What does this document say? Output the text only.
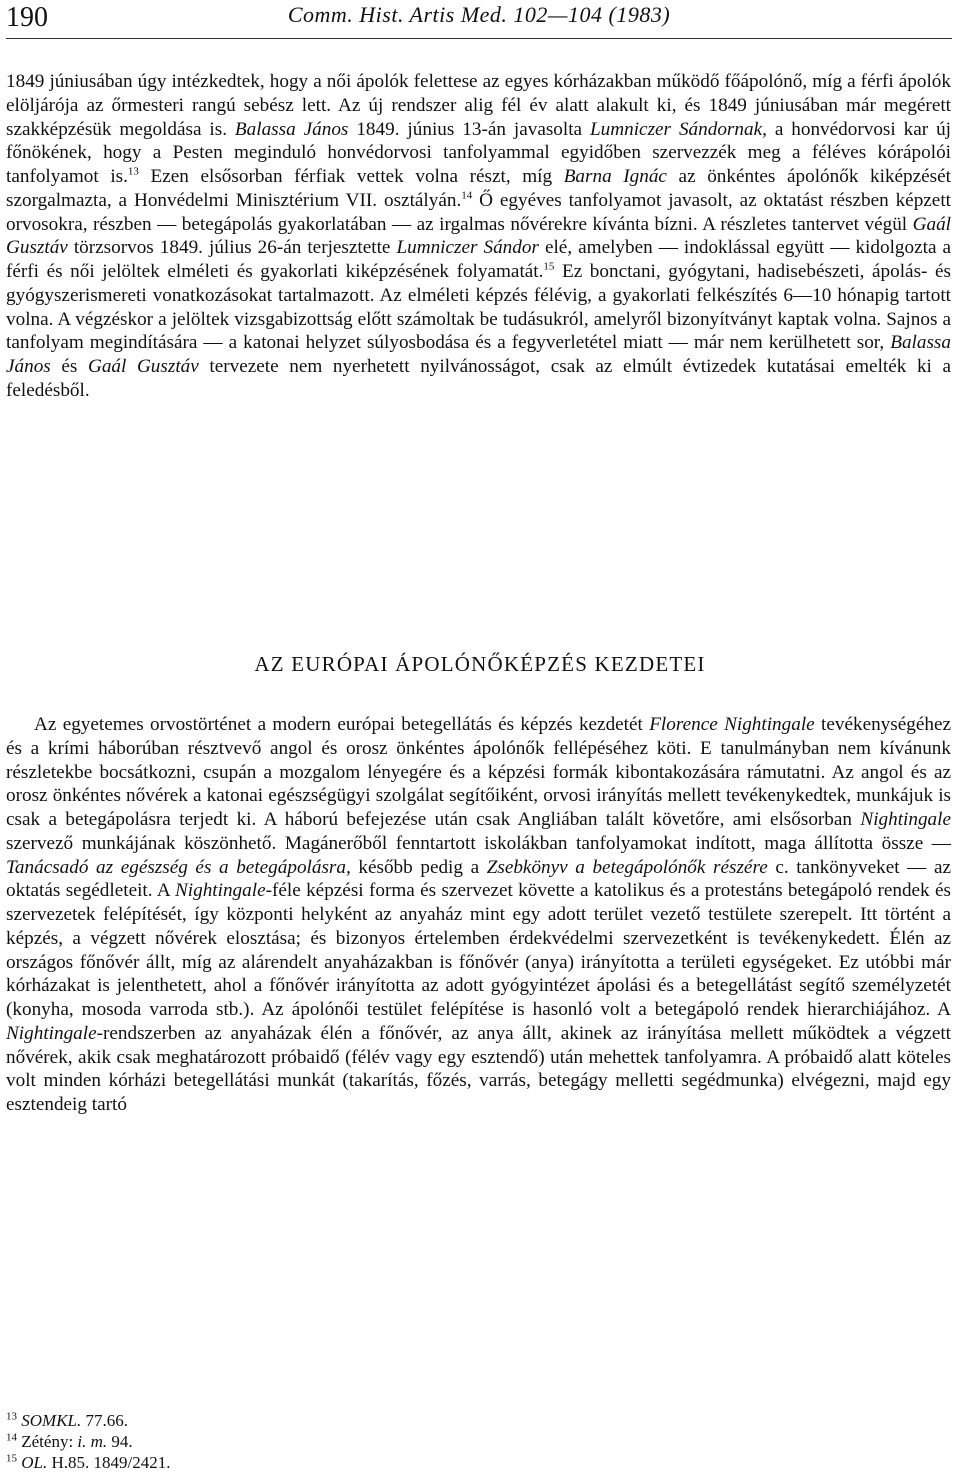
190	Comm. Hist. Artis Med. 102—104 (1983)

1849 júniusában úgy intézkedtek, hogy a női ápolók felettese az egyes kórházakban működő főápolónő, míg a férfi ápolók elöljárója az őrmesteri rangú sebész lett. Az új rendszer alig fél év alatt alakult ki, és 1849 júniusában már megérett szakképzésük megoldása is. Balassa János 1849. június 13-án javasolta Lumniczer Sándornak, a honvédorvosi kar új főnökének, hogy a Pesten meginduló honvédorvosi tanfolyammal egyidőben szervezzék meg a féléves kórápolói tanfolyamot is.$^{13}$ Ezen elsősorban férfiak vettek volna részt, míg Barna Ignác az önkéntes ápolónők kiképzését szorgalmazta, a Honvédelmi Minisztérium VII. osztályán.$^{14}$ Ő egyéves tanfolyamot javasolt, az oktatást részben képzett orvosokra, részben — betegápolás gyakorlatában — az irgalmas nővérekre kívánta bízni. A részletes tantervet végül Gaál Gusztáv törzsorvos 1849. július 26-án terjesztette Lumniczer Sándor elé, amelyben — indoklással együtt — kidolgozta a férfi és női jelöltek elméleti és gyakorlati kiképzésének folyamatát.$^{15}$ Ez bonctani, gyógytani, hadisebészeti, ápolás- és gyógyszerismereti vonatkozásokat tartalmazott. Az elméleti képzés félévig, a gyakorlati felkészítés 6—10 hónapig tartott volna. A végzéskor a jelöltek vizsgabizottság előtt számoltak be tudásukról, amelyről bizonyítványt kaptak volna. Sajnos a tanfolyam megindítására — a katonai helyzet súlyosbodása és a fegyverletétel miatt — már nem kerülhetett sor, Balassa János és Gaál Gusztáv tervezete nem nyerhetett nyilvánosságot, csak az elmúlt évtizedek kutatásai emelték ki a feledésből.

AZ EURÓPAI ÁPOLÓNŐKÉPZÉS KEZDETEI

Az egyetemes orvostörténet a modern európai betegellátás és képzés kezdetét Florence Nightingale tevékenységéhez és a krími háborúban résztvevő angol és orosz önkéntes ápolónők fellépéséhez köti. E tanulmányban nem kívánunk részletekbe bocsátkozni, csupán a mozgalom lényegére és a képzési formák kibontakozására rámutatni. Az angol és az orosz önkéntes nővérek a katonai egészségügyi szolgálat segítőiként, orvosi irányítás mellett tevékenykedtek, munkájuk is csak a betegápolásra terjedt ki. A háború befejezése után csak Angliában talált követőre, ami elsősorban Nightingale szervező munkájának köszönhető. Magánerőből fenntartott iskolákban tanfolyamokat indított, maga állította össze — Tanácsadó az egészség és a betegápolásra, később pedig a Zsebkönyv a betegápolónők részére c. tankönyveket — az oktatás segédleteit. A Nightingale-féle képzési forma és szervezet követte a katolikus és a protestáns betegápoló rendek és szervezetek felépítését, így központi helyként az anyaház mint egy adott terület vezető testülete szerepelt. Itt történt a képzés, a végzett nővérek elosztása; és bizonyos értelemben érdekvédelmi szervezetként is tevékenykedett. Élén az országos főnővér állt, míg az alárendelt anyaházakban is főnővér (anya) irányította a területi egységeket. Ez utóbbi már kórházakat is jelenthetett, ahol a főnővér irányította az adott gyógyintézet ápolási és a betegellátást segítő személyzetét (konyha, mosoda varroda stb.). Az ápolónői testület felépítése is hasonló volt a betegápoló rendek hierarchiájához. A Nightingale-rendszerben az anyaházak élén a főnővér, az anya állt, akinek az irányítása mellett működtek a végzett nővérek, akik csak meghatározott próbaidő (félév vagy egy esztendő) után mehettek tanfolyamra. A próbaidő alatt köteles volt minden kórházi betegellátási munkát (takarítás, főzés, varrás, betegágy melletti segédmunka) elvégezni, majd egy esztendeig tartó

$^{13}$ SOMKL. 77.66.
$^{14}$ Zétény: i. m. 94.
$^{15}$ OL. H.85. 1849/2421.
